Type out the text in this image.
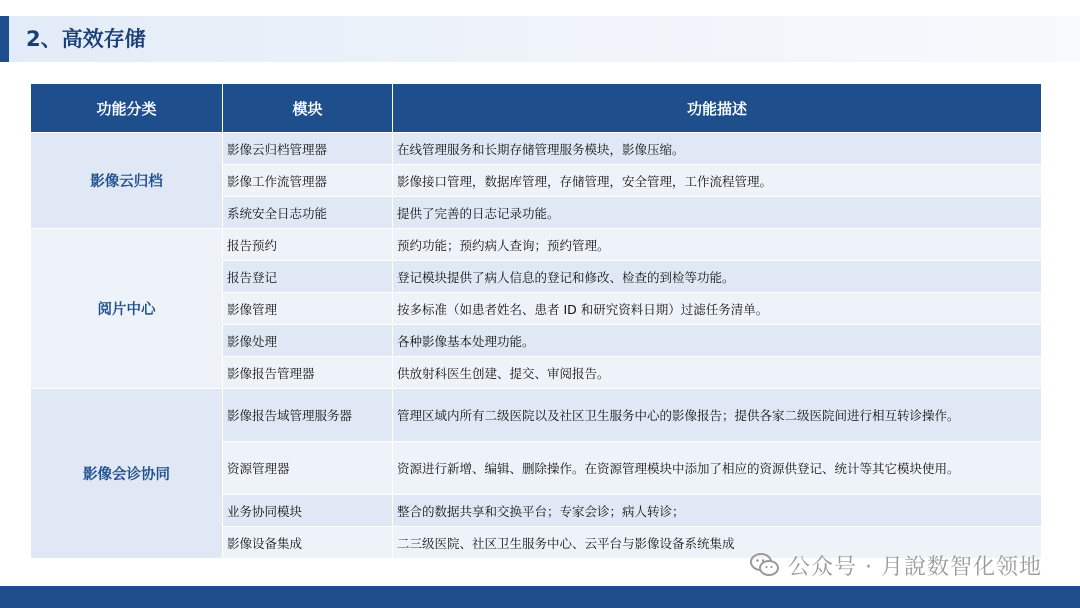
2、高效存储
功能分类	模块	功能描述
影像云归档	影像云归档管理器	在线管理服务和长期存储管理服务模块，影像压缩。
	影像工作流管理器	影像接口管理，数据库管理，存储管理，安全管理，工作流程管理。
	系统安全日志功能	提供了完善的日志记录功能。
阅片中心	报告预约	预约功能；预约病人查询；预约管理。
	报告登记	登记模块提供了病人信息的登记和修改、检查的到检等功能。
	影像管理	按多标准（如患者姓名、患者 ID 和研究资料日期）过滤任务清单。
	影像处理	各种影像基本处理功能。
	影像报告管理器	供放射科医生创建、提交、审阅报告。
影像会诊协同	影像报告域管理服务器	管理区域内所有二级医院以及社区卫生服务中心的影像报告；提供各家二级医院间进行相互转诊操作。
	资源管理器	资源进行新增、编辑、删除操作。在资源管理模块中添加了相应的资源供登记、统计等其它模块使用。
	业务协同模块	整合的数据共享和交换平台；专家会诊；病人转诊；
	影像设备集成	二三级医院、社区卫生服务中心、云平台与影像设备系统集成
公众号 · 月說数智化领地
